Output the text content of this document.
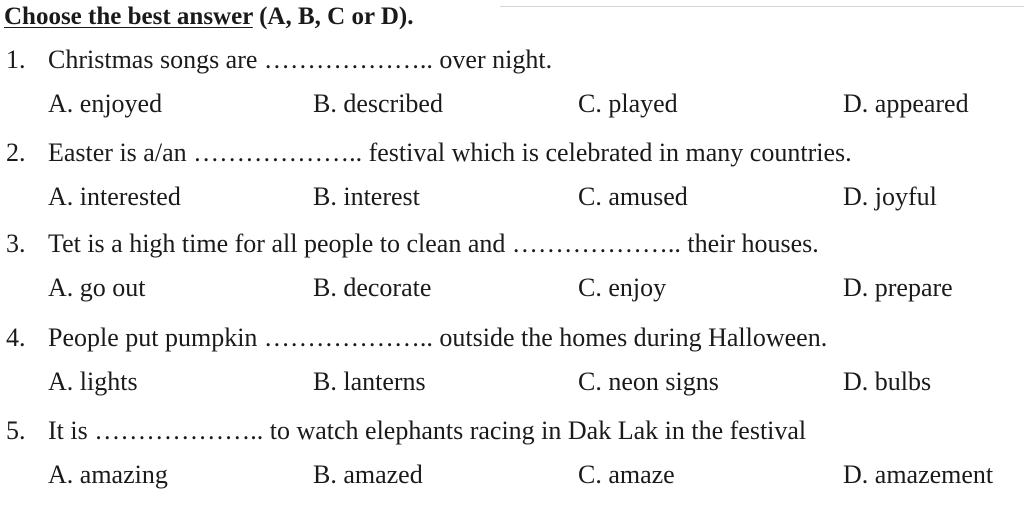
Choose the best answer (A, B, C or D).
1. Christmas songs are ……………….. over night.
A. enjoyed	B. described	C. played	D. appeared
2. Easter is a/an ……………….. festival which is celebrated in many countries.
A. interested	B. interest	C. amused	D. joyful
3. Tet is a high time for all people to clean and ……………….. their houses.
A. go out	B. decorate	C. enjoy	D. prepare
4. People put pumpkin ……………….. outside the homes during Halloween.
A. lights	B. lanterns	C. neon signs	D. bulbs
5. It is ……………….. to watch elephants racing in Dak Lak in the festival
A. amazing	B. amazed	C. amaze	D. amazement
